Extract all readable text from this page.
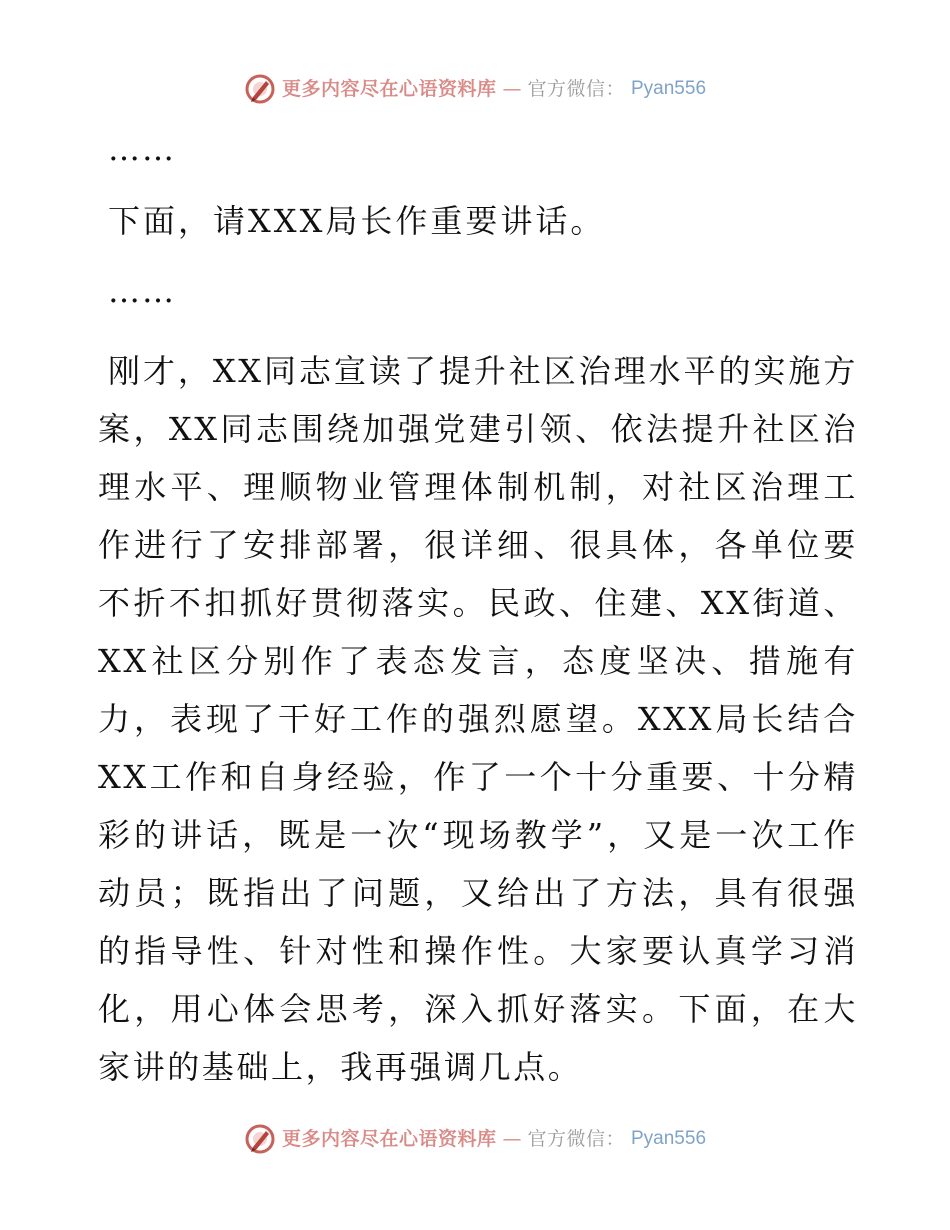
更多内容尽在心语资料库 — 官方微信： Pyan556
……
下面，请XXX局长作重要讲话。
……

刚才，XX同志宣读了提升社区治理水平的实施方案，XX同志围绕加强党建引领、依法提升社区治理水平、理顺物业管理体制机制，对社区治理工作进行了安排部署，很详细、很具体，各单位要不折不扣抓好贯彻落实。民政、住建、XX街道、XX社区分别作了表态发言，态度坚决、措施有力，表现了干好工作的强烈愿望。XXX局长结合XX工作和自身经验，作了一个十分重要、十分精彩的讲话，既是一次“现场教学”，又是一次工作动员；既指出了问题，又给出了方法，具有很强的指导性、针对性和操作性。大家要认真学习消化，用心体会思考，深入抓好落实。下面，在大家讲的基础上，我再强调几点。

更多内容尽在心语资料库 — 官方微信： Pyan556
